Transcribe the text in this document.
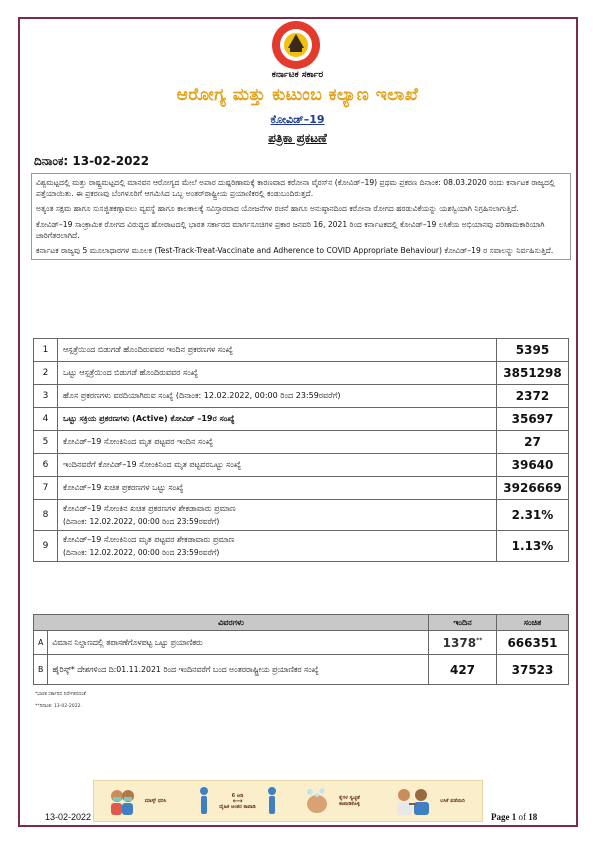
ಕರ್ನಾಟಕ ಸರ್ಕಾರ
ಆರೋಗ್ಯ ಮತ್ತು ಕುಟುಂಬ ಕಲ್ಯಾಣ ಇಲಾಖೆ
ಕೋವಿಡ್–19
ಪತ್ರಿಕಾ ಪ್ರಕಟಣೆ
ದಿನಾಂಕ: 13-02-2022

ವಿಶ್ವಮಟ್ಟದಲ್ಲಿ ಮತ್ತು ರಾಷ್ಟ್ರಮಟ್ಟದಲ್ಲಿ ಮಾನವನ ಆರೋಗ್ಯದ ಮೇಲೆ ಅಪಾರ ದುಷ್ಪರಿಣಾಮಕ್ಕೆ ಕಾರಣವಾದ ಕರೋನಾ ವೈರಸ್‌ನ (ಕೋವಿಡ್–19) ಪ್ರಥಮ ಪ್ರಕರಣ ದಿನಾಂಕ: 08.03.2020 ರಂದು ಕರ್ನಾಟಕ ರಾಜ್ಯದಲ್ಲಿ ಪತ್ತೆಯಾಯಿತು. ಈ ಪ್ರಕರಣವು ಬೆಂಗಳೂರಿಗೆ ಆಗಮಿಸಿದ ಒಬ್ಬ ಅಂತರ್‌ರಾಷ್ಟ್ರೀಯ ಪ್ರಯಾಣಿಕರಲ್ಲಿ ಕಂಡುಬಂದಿರುತ್ತದೆ.

ಅತ್ಯಂತ ಸಕ್ಷಮ ಹಾಗೂ ಸುಸಜ್ಜಿತಕಣ್ಗಾವಲು ವ್ಯವಸ್ಥೆ ಹಾಗೂ ಕಾಲಕಾಲಕ್ಕೆ ಸವಿಸ್ತಾರವಾದ ಯೋಜನೆಗಳ ರಚನೆ ಹಾಗೂ ಅನುಷ್ಠಾನದಿಂದ ಕರೋನಾ ರೋಗದ ಹರಡುವಿಕೆಯನ್ನು ಯಶಸ್ವಿಯಾಗಿ ನಿಗ್ರಹಿಸಲಾಗುತ್ತಿದೆ.

ಕೋವಿಡ್–19 ಸಾಂಕ್ರಾಮಿಕ ರೋಗದ ವಿರುದ್ಧದ ಹೋರಾಟದಲ್ಲಿ ಭಾರತ ಸರ್ಕಾರದ ಮಾರ್ಗಸೂಚಿಗಳ ಪ್ರಕಾರ ಜನವರಿ 16, 2021 ರಿಂದ ಕರ್ನಾಟಕದಲ್ಲಿ ಕೋವಿಡ್–19 ಲಸಿಕೆಯ ಅಭಿಯಾನವು ಪರಿಣಾಮಕಾರಿಯಾಗಿ ಜಾರಿಗೆತರಲಾಗಿದೆ.

ಕರ್ನಾಟಕ ರಾಜ್ಯವು 5 ಮೂಲಾಧಾರಗಳ ಮೂಲಕ (Test-Track-Treat-Vaccinate and Adherence to COVID Appropriate Behaviour) ಕೋವಿಡ್–19 ರ ಸವಾಲನ್ನು ನಿರ್ವಹಿಸುತ್ತಿದೆ.

1	ಆಸ್ಪತ್ರೆಯಿಂದ ಬಿಡುಗಡೆ ಹೊಂದಿರುವವರ ಇಂದಿನ ಪ್ರಕರಣಗಳ ಸಂಖ್ಯೆ	5395
2	ಒಟ್ಟು ಆಸ್ಪತ್ರೆಯಿಂದ ಬಿಡುಗಡೆ ಹೊಂದಿರುವವರ ಸಂಖ್ಯೆ	3851298
3	ಹೊಸ ಪ್ರಕರಣಗಳು ವರದಿಯಾಗಿರುವ ಸಂಖ್ಯೆ (ದಿನಾಂಕ: 12.02.2022, 00:00 ರಿಂದ 23:59ರವರೆಗೆ)	2372
4	ಒಟ್ಟು ಸಕ್ರಿಯ ಪ್ರಕರಣಗಳು (Active) ಕೋವಿಡ್ –19ರ ಸಂಖ್ಯೆ	35697
5	ಕೋವಿಡ್–19 ಸೋಂಕಿನಿಂದ ಮೃತ ಪಟ್ಟವರ ಇಂದಿನ ಸಂಖ್ಯೆ	27
6	ಇಂದಿನವರೆಗೆ ಕೋವಿಡ್–19 ಸೋಂಕಿನಿಂದ ಮೃತ ಪಟ್ಟವರಒಟ್ಟು ಸಂಖ್ಯೆ	39640
7	ಕೋವಿಡ್–19 ಖಚಿತ ಪ್ರಕರಣಗಳ ಒಟ್ಟು ಸಂಖ್ಯೆ	3926669
8	ಕೋವಿಡ್–19 ಸೋಂಕಿನ ಖಚಿತ ಪ್ರಕರಣಗಳ ಶೇಕಡಾವಾರು ಪ್ರಮಾಣ
(ದಿನಾಂಕ: 12.02.2022, 00:00 ರಿಂದ 23:59ರವರೆಗೆ)	2.31%
9	ಕೋವಿಡ್–19 ಸೋಂಕಿನಿಂದ ಮೃತ ಪಟ್ಟವರ ಶೇಕಡಾವಾರು ಪ್ರಮಾಣ
(ದಿನಾಂಕ: 12.02.2022, 00:00 ರಿಂದ 23:59ರವರೆಗೆ)	1.13%
ವಿವರಗಳು		ಇಂದಿನ	ಸಂಚಿತ
A	ವಿಮಾನ ನಿಲ್ದಾಣದಲ್ಲಿ ತಪಾಸಣೆಗೊಳಪಟ್ಟ ಒಟ್ಟು ಪ್ರಯಾಣಿಕರು	1378**	666351
B	ಹೈರಿಸ್ಕ್* ದೇಶಗಳಿಂದ ದಿ:01.11.2021 ರಿಂದ ಇಂದಿನವರೆಗೆ ಬಂದ ಅಂತರರಾಷ್ಟ್ರೀಯ ಪ್ರಯಾಣಿಕರ ಸಂಖ್ಯೆ	427	37523
*ಭಾರತ ಸರ್ಕಾರದ ನಿರ್ದೇಶನದಂತೆ
**ದಿನಾಂಕ: 13-02-2022.
ಮಾಸ್ಕ್ ಧರಿಸಿ
6 ಅಡಿ
⟷
ದೈಹಿಕ ಅಂತರ ಕಾಪಾಡಿ
ಕೈಗಳ ಸ್ವಚ್ಛತೆ ಕಾಪಾಡಿಕೊಳ್ಳಿ	ಲಸಿಕೆ ಪಡೆಯಿರಿ
13-02-2022	Page 1 of 18
